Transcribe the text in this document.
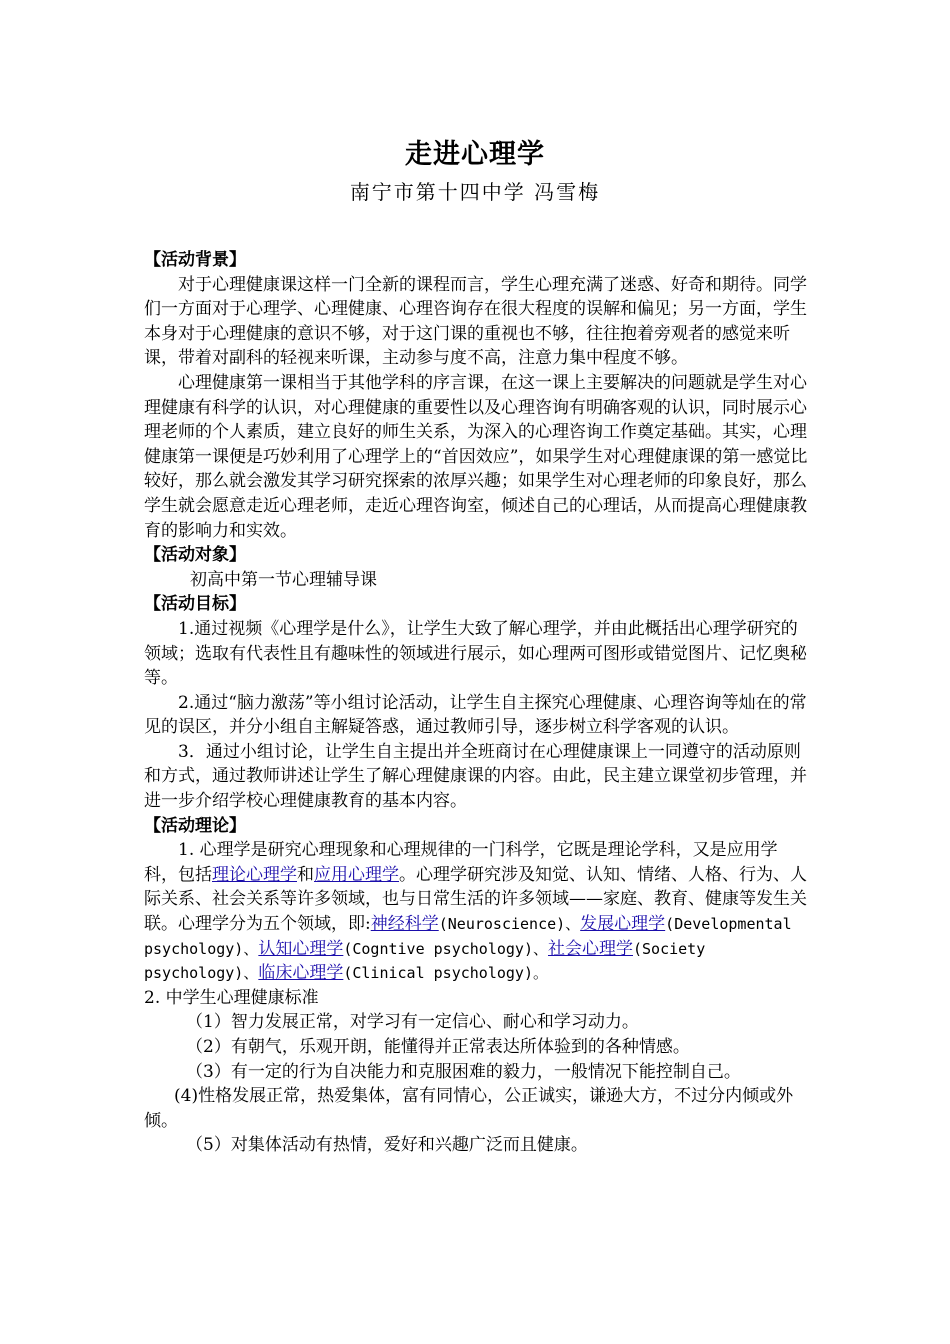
走进心理学
南宁市第十四中学 冯雪梅

【活动背景】

对于心理健康课这样一门全新的课程而言，学生心理充满了迷惑、好奇和期待。同学们一方面对于心理学、心理健康、心理咨询存在很大程度的误解和偏见；另一方面，学生本身对于心理健康的意识不够，对于这门课的重视也不够，往往抱着旁观者的感觉来听课，带着对副科的轻视来听课，主动参与度不高，注意力集中程度不够。

心理健康第一课相当于其他学科的序言课，在这一课上主要解决的问题就是学生对心理健康有科学的认识，对心理健康的重要性以及心理咨询有明确客观的认识，同时展示心理老师的个人素质，建立良好的师生关系，为深入的心理咨询工作奠定基础。其实，心理健康第一课便是巧妙利用了心理学上的“首因效应”，如果学生对心理健康课的第一感觉比较好，那么就会激发其学习研究探索的浓厚兴趣；如果学生对心理老师的印象良好，那么学生就会愿意走近心理老师，走近心理咨询室，倾述自己的心理话，从而提高心理健康教育的影响力和实效。

【活动对象】

初高中第一节心理辅导课

【活动目标】

1.通过视频《心理学是什么》，让学生大致了解心理学，并由此概括出心理学研究的领域；选取有代表性且有趣味性的领域进行展示，如心理两可图形或错觉图片、记忆奥秘等。

2.通过“脑力激荡”等小组讨论活动，让学生自主探究心理健康、心理咨询等灿在的常见的误区，并分小组自主解疑答惑，通过教师引导，逐步树立科学客观的认识。

3．通过小组讨论，让学生自主提出并全班商讨在心理健康课上一同遵守的活动原则和方式，通过教师讲述让学生了解心理健康课的内容。由此，民主建立课堂初步管理，并进一步介绍学校心理健康教育的基本内容。

【活动理论】

1. 心理学是研究心理现象和心理规律的一门科学，它既是理论学科，又是应用学科，包括理论心理学和应用心理学。心理学研究涉及知觉、认知、情绪、人格、行为、人际关系、社会关系等许多领域，也与日常生活的许多领域——家庭、教育、健康等发生关联。心理学分为五个领域，即:神经科学(Neuroscience)、发展心理学(Developmental psychology)、认知心理学(Cogntive psychology)、社会心理学(Society psychology)、临床心理学(Clinical psychology)。

2. 中学生心理健康标准

（1）智力发展正常，对学习有一定信心、耐心和学习动力。

（2）有朝气，乐观开朗，能懂得并正常表达所体验到的各种情感。

（3）有一定的行为自决能力和克服困难的毅力，一般情况下能控制自己。

(4)性格发展正常，热爱集体，富有同情心，公正诚实，谦逊大方，不过分内倾或外倾。

（5）对集体活动有热情，爱好和兴趣广泛而且健康。
